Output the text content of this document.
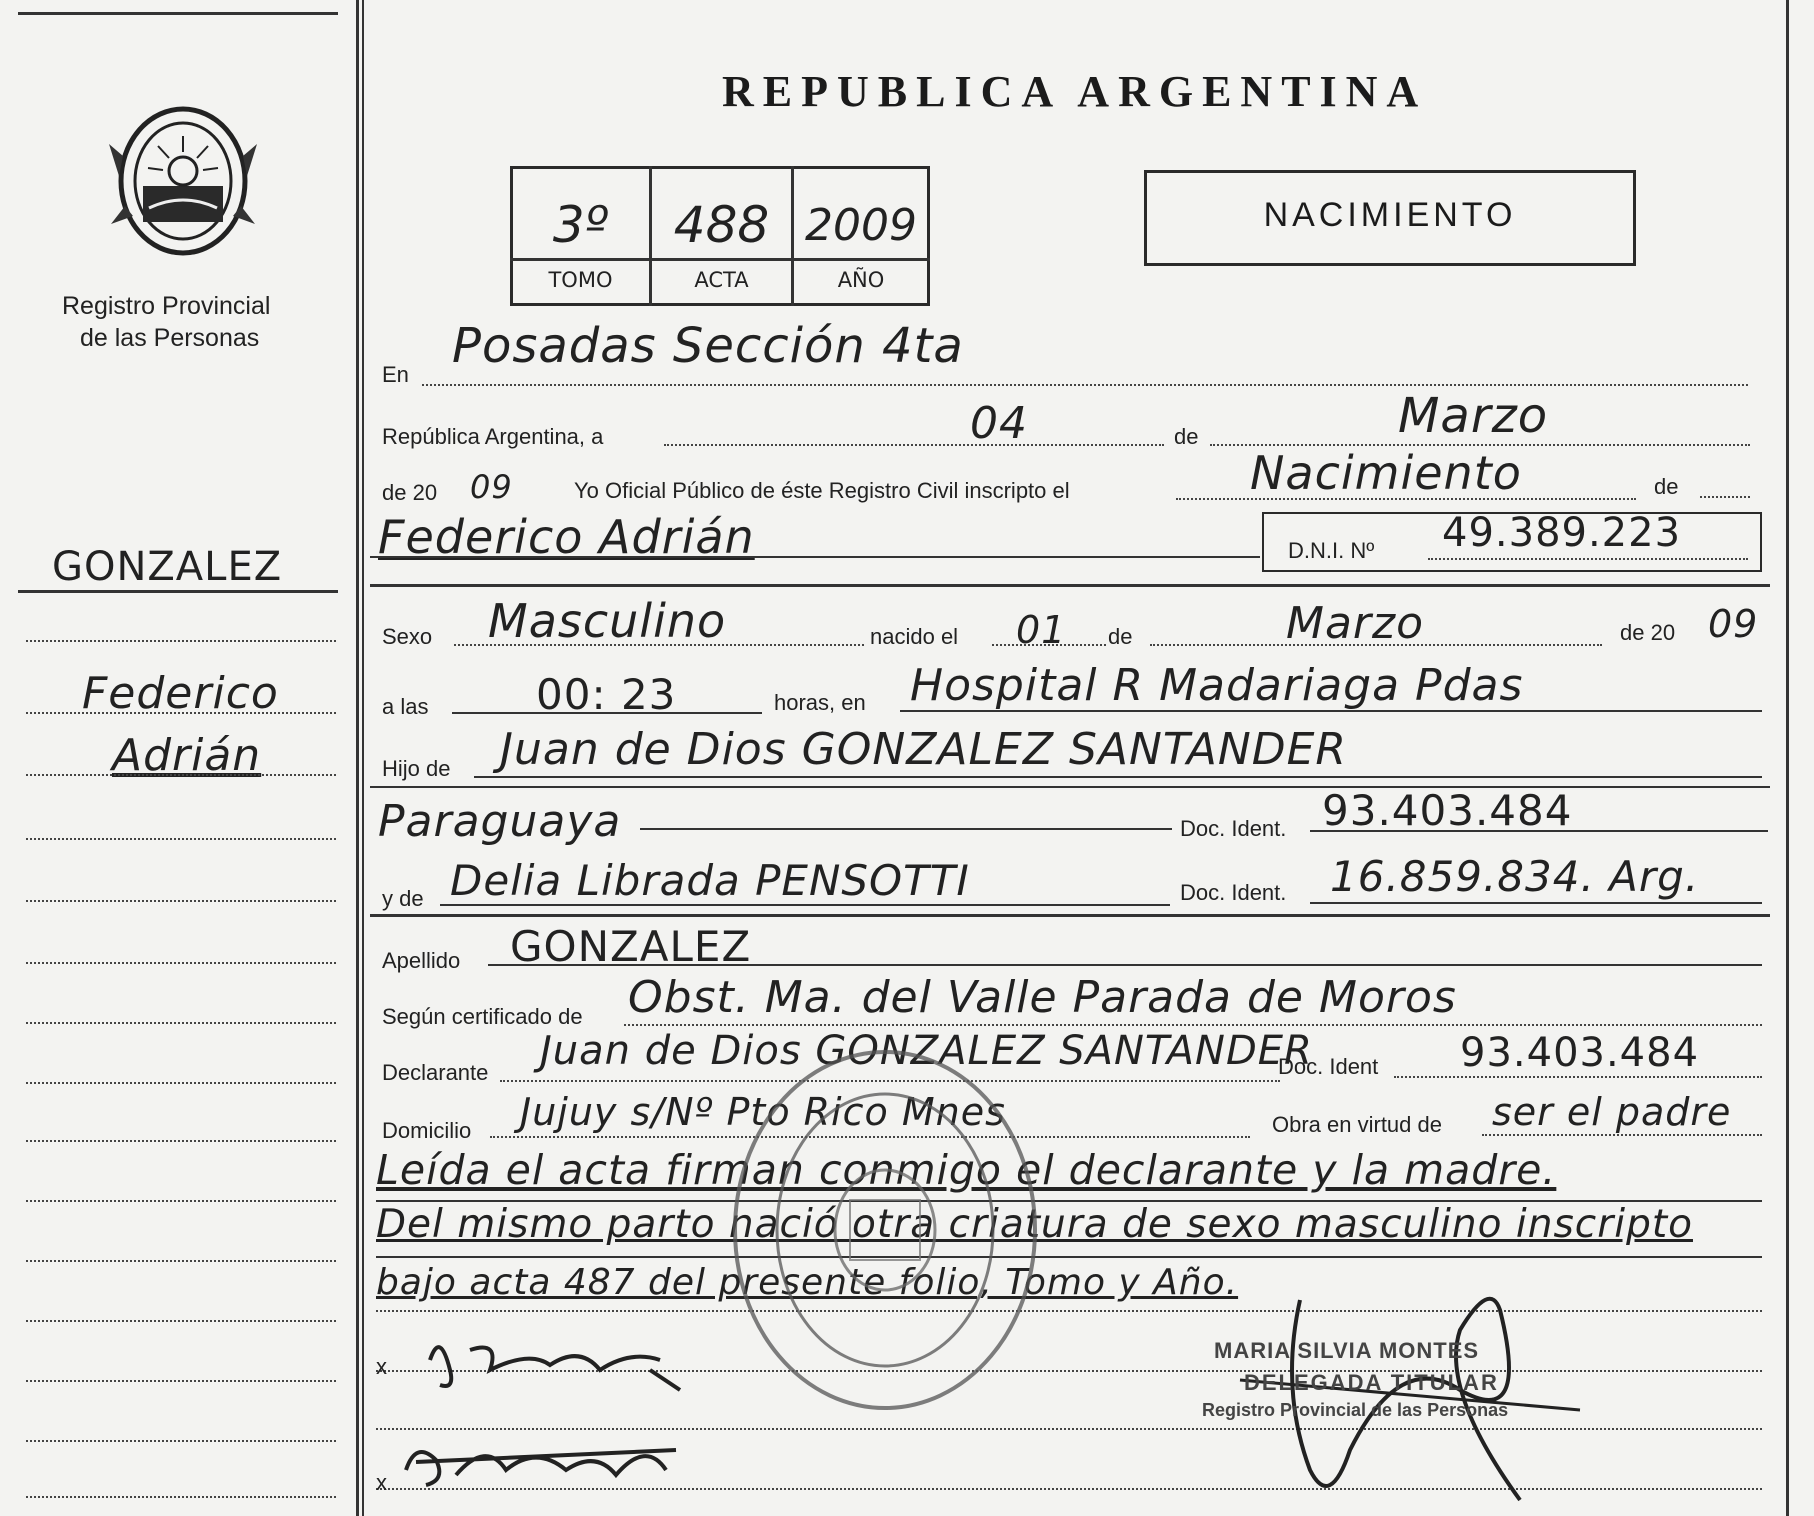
Registro Provincial
de las Personas
GONZALEZ
Federico
Adrián
REPUBLICA ARGENTINA
3º	488 2009
TOMO	ACTA	AÑO
NACIMIENTO
En
Posadas Sección 4ta
República Argentina, a	04	de	Marzo
de 20 09	Yo Oficial Público de éste Registro Civil inscripto el	Nacimiento	de
Federico Adrián	D.N.I. Nº 49.389.223
Sexo Masculino	nacido el 01 de	Marzo	de 20 09
a las	00: 23	horas, en Hospital R Madariaga Pdas
Hijo de Juan de Dios GONZALEZ SANTANDER
Paraguaya	Doc. Ident. 93.403.484
y de Delia Librada PENSOTTI	Doc. Ident. 16.859.834. Arg.
Apellido GONZALEZ
Según certificado de Obst. Ma. del Valle Parada de Moros
Declarante Juan de Dios GONZALEZ SANTANDER
Doc. Ident 93.403.484
Domicilio Jujuy s/Nº Pto Rico Mnes	Obra en virtud de ser el padre
Leída el acta firman conmigo el declarante y la madre.
Del mismo parto nació otra criatura de sexo masculino inscripto
bajo acta 487 del presente folio, Tomo y Año.
x
x
MARIA SILVIA MONTES
DELEGADA TITULAR
Registro Provincial de las Personas
